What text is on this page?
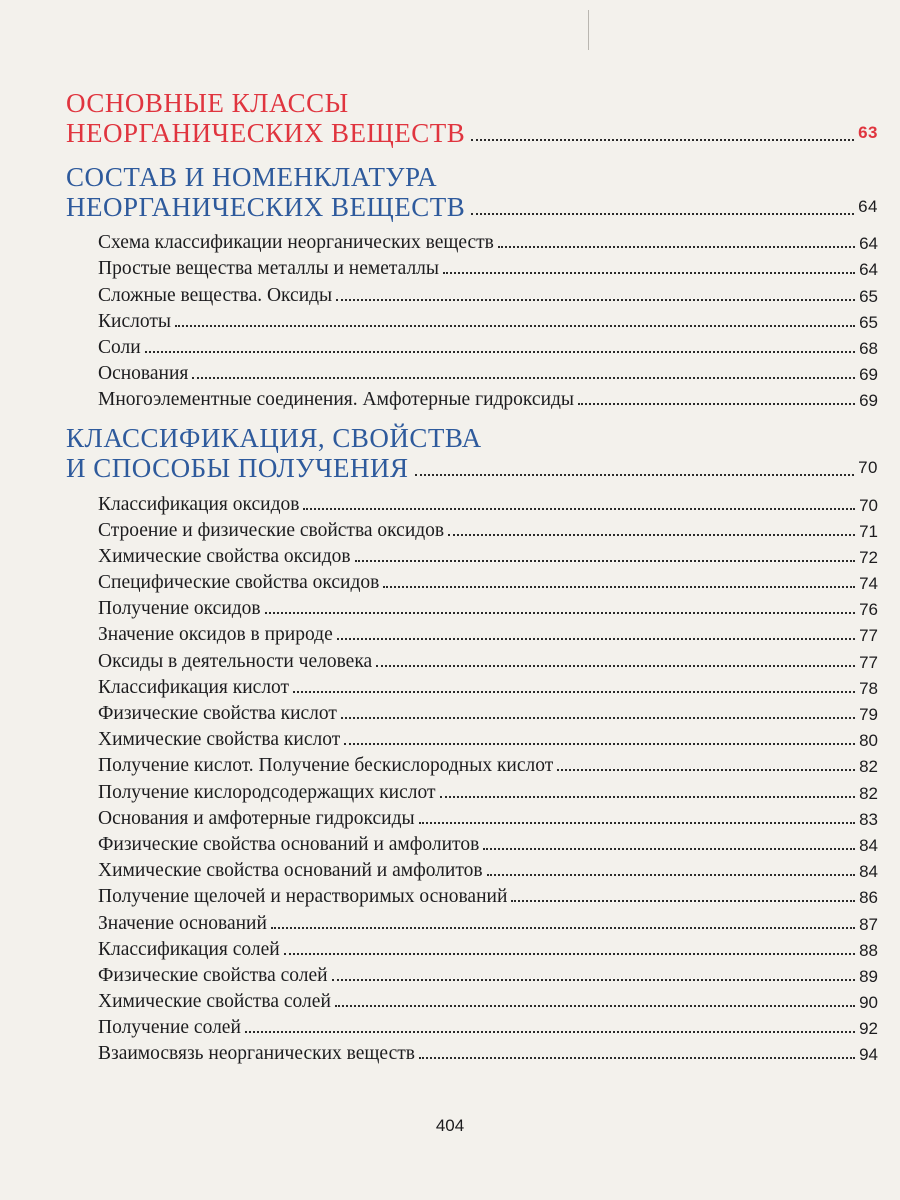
ОСНОВНЫЕ КЛАССЫ
НЕОРГАНИЧЕСКИХ ВЕЩЕСТВ	63
СОСТАВ И НОМЕНКЛАТУРА
НЕОРГАНИЧЕСКИХ ВЕЩЕСТВ	64
Схема классификации неорганических веществ	64
Простые вещества металлы и неметаллы	64
Сложные вещества. Оксиды	65
Кислоты	65
Соли	68
Основания	69
Многоэлементные соединения. Амфотерные гидроксиды	69
КЛАССИФИКАЦИЯ, СВОЙСТВА
И СПОСОБЫ ПОЛУЧЕНИЯ	70
Классификация оксидов	70
Строение и физические свойства оксидов	71
Химические свойства оксидов	72
Специфические свойства оксидов	74
Получение оксидов	76
Значение оксидов в природе	77
Оксиды в деятельности человека	77
Классификация кислот	78
Физические свойства кислот	79
Химические свойства кислот	80
Получение кислот. Получение бескислородных кислот	82
Получение кислородсодержащих кислот	82
Основания и амфотерные гидроксиды	83
Физические свойства оснований и амфолитов	84
Химические свойства оснований и амфолитов	84
Получение щелочей и нерастворимых оснований	86
Значение оснований	87
Классификация солей	88
Физические свойства солей	89
Химические свойства солей	90
Получение солей	92
Взаимосвязь неорганических веществ	94
404
